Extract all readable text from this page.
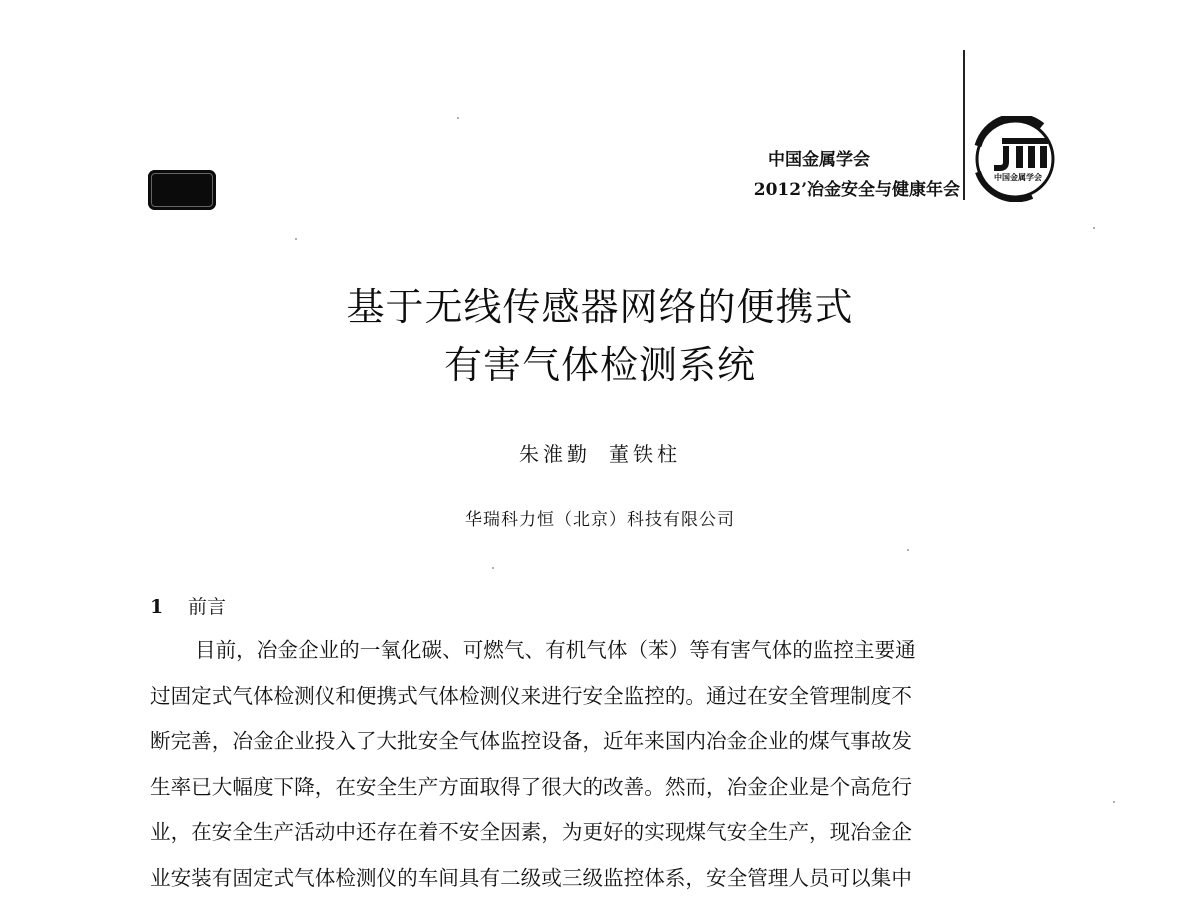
中国金属学会
2012’冶金安全与健康年会
中国金属学会
基于无线传感器网络的便携式
有害气体检测系统
朱淮勤 董铁柱
华瑞科力恒（北京）科技有限公司
1 前言

目前，冶金企业的一氧化碳、可燃气、有机气体（苯）等有害气体的监控主要通

过固定式气体检测仪和便携式气体检测仪来进行安全监控的。通过在安全管理制度不

断完善，冶金企业投入了大批安全气体监控设备，近年来国内冶金企业的煤气事故发

生率已大幅度下降，在安全生产方面取得了很大的改善。然而，冶金企业是个高危行

业，在安全生产活动中还存在着不安全因素，为更好的实现煤气安全生产，现冶金企

业安装有固定式气体检测仪的车间具有二级或三级监控体系，安全管理人员可以集中
